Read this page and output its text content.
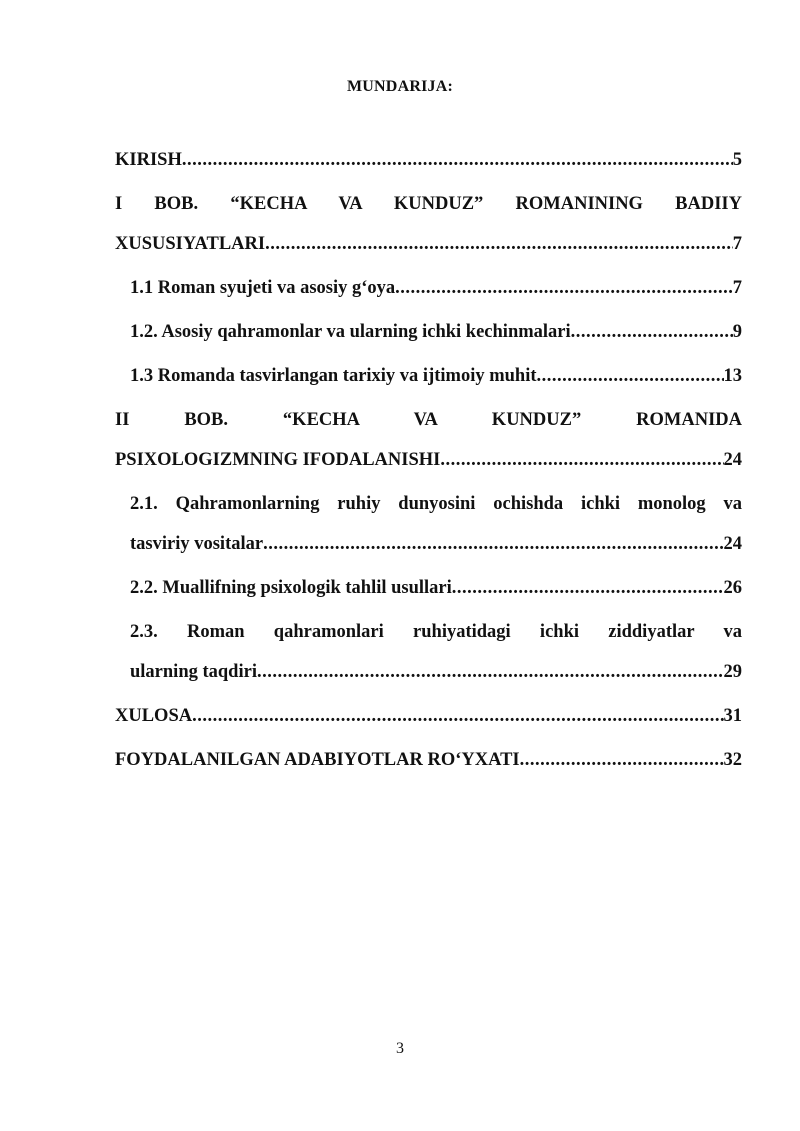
MUNDARIJA:
KIRISH .....	5
I BOB. “KECHA VA KUNDUZ” ROMANINING BADIIY
XUSUSIYATLARI .....	7
1.1 Roman syujeti va asosiy g‘oya .....	7
1.2. Asosiy qahramonlar va ularning ichki kechinmalari .....	9
1.3 Romanda tasvirlangan tarixiy va ijtimoiy muhit .....	13
II BOB. “KECHA VA KUNDUZ” ROMANIDA
PSIXOLOGIZMNING IFODALANISHI .....	24
2.1. Qahramonlarning ruhiy dunyosini ochishda ichki monolog va
tasviriy vositalar .....	24
2.2. Muallifning psixologik tahlil usullari .....	26
2.3. Roman qahramonlari ruhiyatidagi ichki ziddiyatlar va
ularning taqdiri .....	29
XULOSA .....	31
FOYDALANILGAN ADABIYOTLAR RO‘YXATI .....	32
3
